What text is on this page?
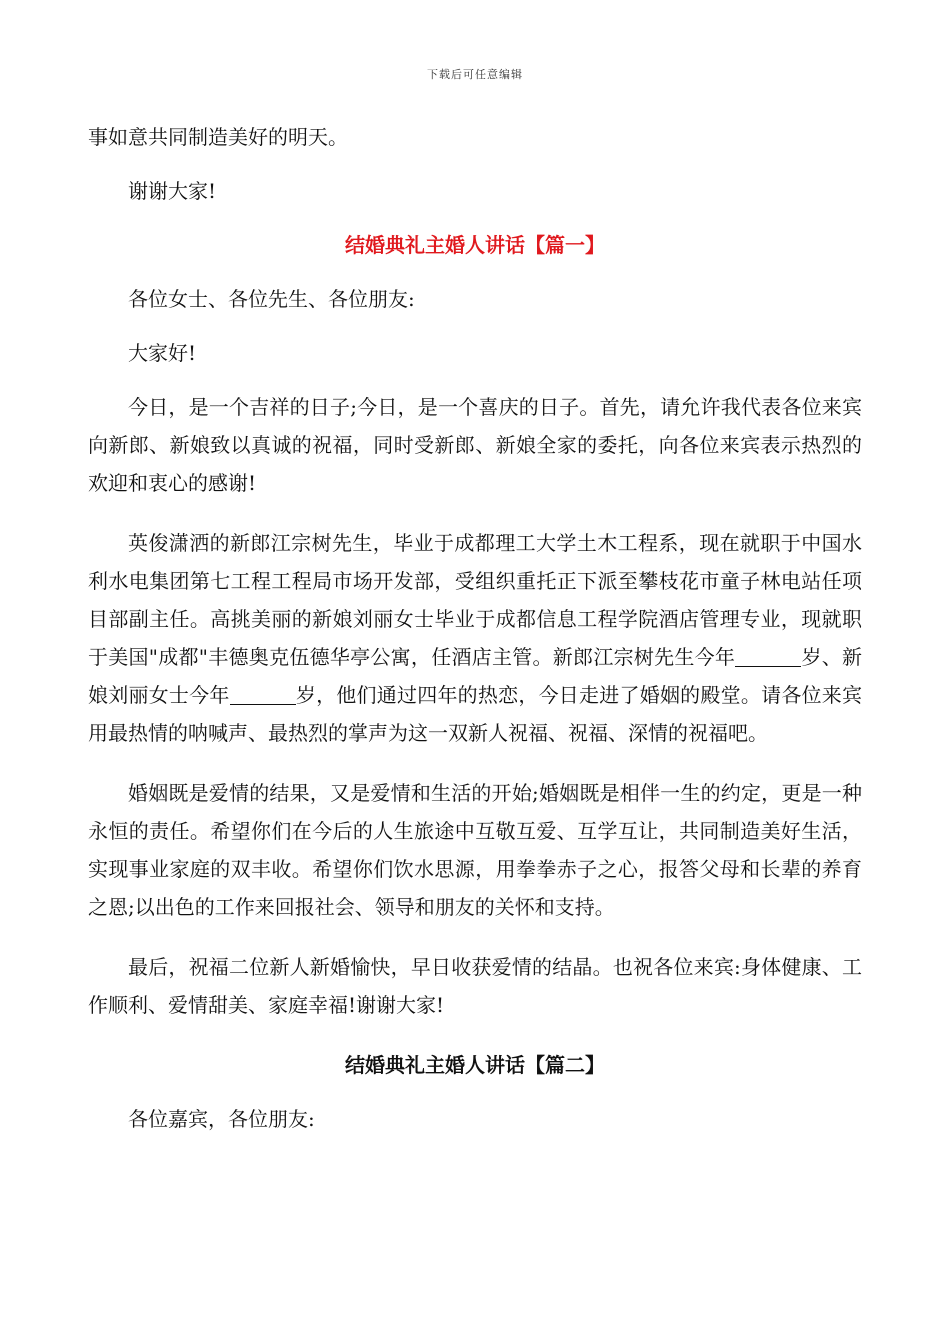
下载后可任意编辑

事如意共同制造美好的明天。

谢谢大家!

结婚典礼主婚人讲话【篇一】

各位女士、各位先生、各位朋友:

大家好!

今日，是一个吉祥的日子;今日，是一个喜庆的日子。首先，请允许我代表各位来宾向新郎、新娘致以真诚的祝福，同时受新郎、新娘全家的委托，向各位来宾表示热烈的欢迎和衷心的感谢!

英俊潇洒的新郎江宗树先生，毕业于成都理工大学土木工程系，现在就职于中国水利水电集团第七工程工程局市场开发部，受组织重托正下派至攀枝花市童子林电站任项目部副主任。高挑美丽的新娘刘丽女士毕业于成都信息工程学院酒店管理专业，现就职于美国"成都"丰德奥克伍德华亭公寓，任酒店主管。新郎江宗树先生今年	岁、新娘刘丽女士今年	岁，他们通过四年的热恋，今日走进了婚姻的殿堂。请各位来宾用最热情的呐喊声、最热烈的掌声为这一双新人祝福、祝福、深情的祝福吧。

婚姻既是爱情的结果，又是爱情和生活的开始;婚姻既是相伴一生的约定，更是一种永恒的责任。希望你们在今后的人生旅途中互敬互爱、互学互让，共同制造美好生活，实现事业家庭的双丰收。希望你们饮水思源，用拳拳赤子之心，报答父母和长辈的养育之恩;以出色的工作来回报社会、领导和朋友的关怀和支持。

最后，祝福二位新人新婚愉快，早日收获爱情的结晶。也祝各位来宾:身体健康、工作顺利、爱情甜美、家庭幸福!谢谢大家!

结婚典礼主婚人讲话【篇二】

各位嘉宾，各位朋友:
